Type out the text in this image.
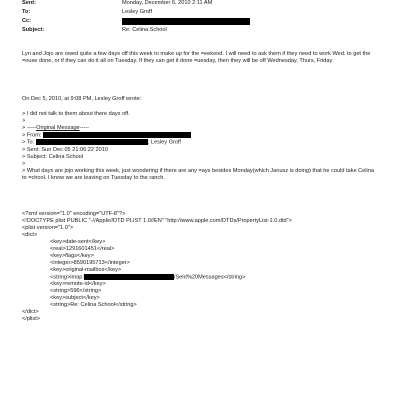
Sent:	Monday, December 6, 2010 2:11 AM
To:	Lesley Groff
Cc:
Subject:	Re: Celina School
Lyn and Jojo are owed quite a few days off this week to make up for the =eekend. I will need to ask them if they need to work Wed. to get the =ouse done, or if they can do it all on Tuesday. If they can get it done =uesday, then they will be off Wednesday, Thurs, Friday
On Dec 5, 2010, at 9:08 PM, Lesley Groff wrote:
> I did not talk to them about there days off.
>
> -----Original Message-----
> From:
> To:	; Lesley Groff
> Sent: Sun Dec 05 21:06:22 2010
> Subject: Celina School
>
> What days are jojo working this week, just wondering if there are any =ays besides Monday(which Janusz is doing) that he could take Celina to =chool. I know we are leaving on Tuesday to the ranch.
<?xml version="1.0" encoding="UTF-8"?>
<!DOCTYPE plist PUBLIC "-//Apple//DTD PLIST 1.0//EN" "http://www.apple.com/DTDs/PropertyList-1.0.dtd">
<plist version="1.0">
<dict>
<key>date-sent</key>
<real>1291601451</real>
<key>flags</key>
<integer>8590195713</integer>
<key>original-mailbox</key>
<string>imap:	/Sent%20Messages</string>
<key>remote-id</key>
<string>596</string>
<key>subject</key>
<string>Re: Celina School</string>
</dict>
</plist>
